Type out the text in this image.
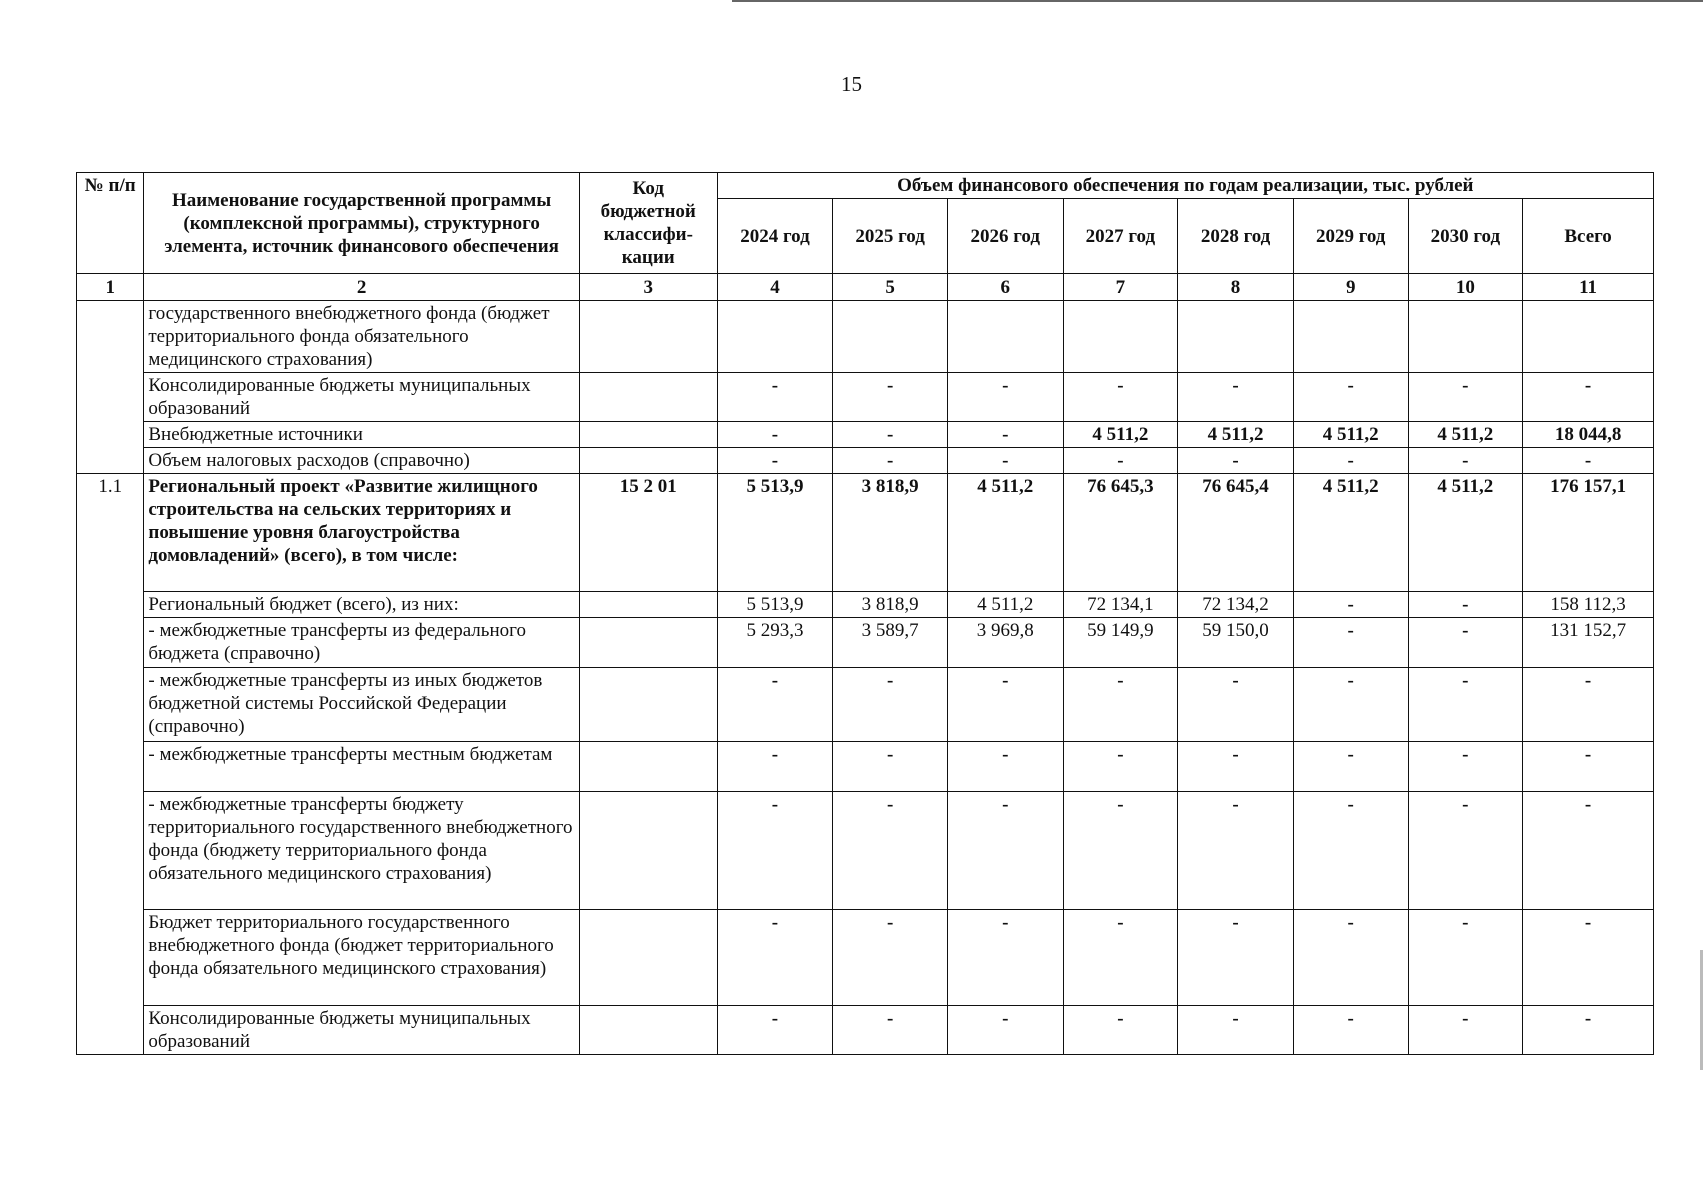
15
№ п/п	Наименование государственной программы (комплексной программы), структурного элемента, источник финансового обеспечения	Код бюджетной классифи-кации	Объем финансового обеспечения по годам реализации, тыс. рублей							
			2024 год	2025 год	2026 год	2027 год	2028 год	2029 год	2030 год	Всего
1	2	3	4	5	6	7	8	9	10	11
	государственного внебюджетного фонда (бюджет территориального фонда обязательного медицинского страхования)									
	Консолидированные бюджеты муниципальных образований		-	-	-	-	-	-	-	-
	Внебюджетные источники		-	-	-	4 511,2	4 511,2	4 511,2	4 511,2	18 044,8
	Объем налоговых расходов (справочно)		-	-	-	-	-	-	-	-
1.1	Региональный проект «Развитие жилищного строительства на сельских территориях и повышение уровня благоустройства домовладений» (всего), в том числе:	15 2 01	5 513,9	3 818,9	4 511,2	76 645,3	76 645,4	4 511,2	4 511,2	176 157,1
	Региональный бюджет (всего), из них:		5 513,9	3 818,9	4 511,2	72 134,1	72 134,2	-	-	158 112,3
	- межбюджетные трансферты из федерального бюджета (справочно)		5 293,3	3 589,7	3 969,8	59 149,9	59 150,0	-	-	131 152,7
	- межбюджетные трансферты из иных бюджетов бюджетной системы Российской Федерации (справочно)		-	-	-	-	-	-	-	-
	- межбюджетные трансферты местным бюджетам		-	-	-	-	-	-	-	-
	- межбюджетные трансферты бюджету территориального государственного внебюджетного фонда (бюджету территориального фонда обязательного медицинского страхования)		-	-	-	-	-	-	-	-
	Бюджет территориального государственного внебюджетного фонда (бюджет территориального фонда обязательного медицинского страхования)		-	-	-	-	-	-	-	-
	Консолидированные бюджеты муниципальных образований		-	-	-	-	-	-	-	-
